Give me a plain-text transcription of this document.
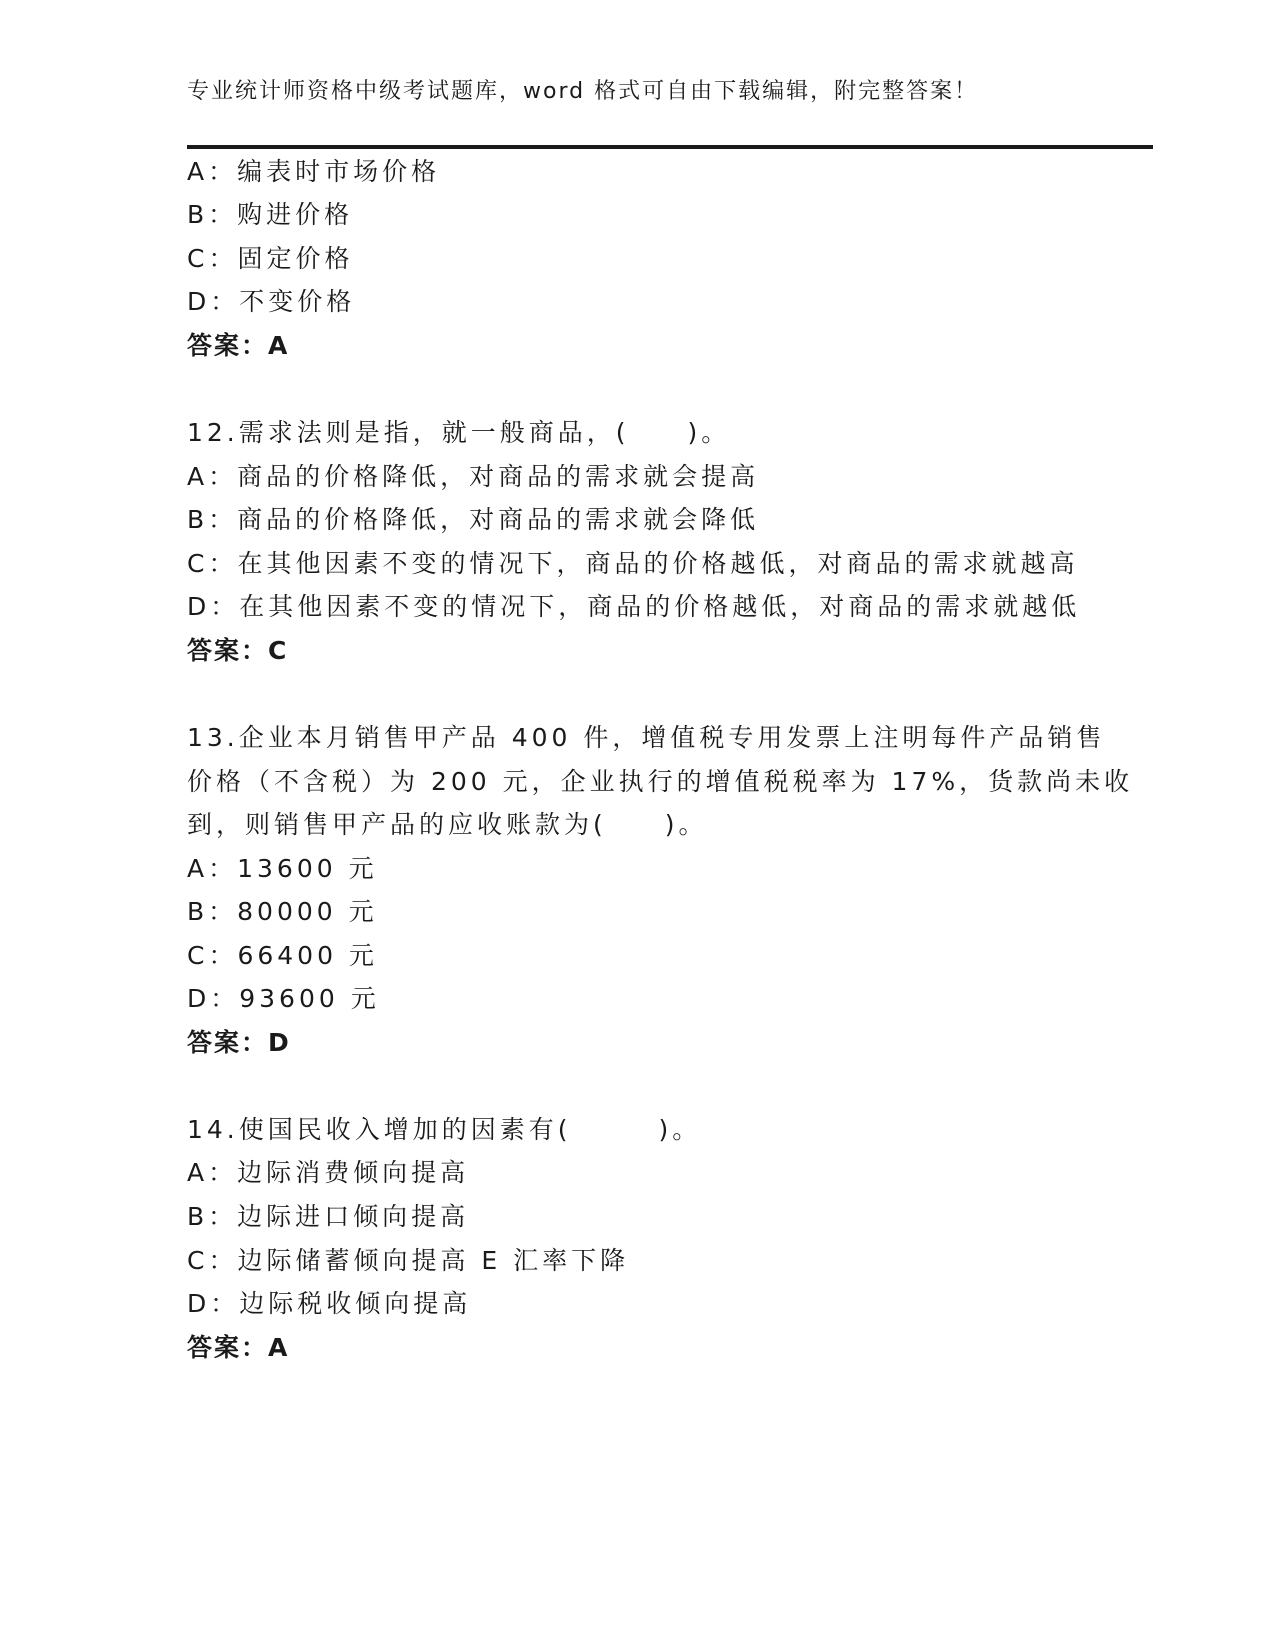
专业统计师资格中级考试题库，word 格式可自由下载编辑，附完整答案！
A：编表时市场价格
B：购进价格
C：固定价格
D：不变价格
答案：A
12.需求法则是指，就一般商品，(　　)。
A：商品的价格降低，对商品的需求就会提高
B：商品的价格降低，对商品的需求就会降低
C：在其他因素不变的情况下，商品的价格越低，对商品的需求就越高
D：在其他因素不变的情况下，商品的价格越低，对商品的需求就越低
答案：C
13.企业本月销售甲产品 400 件，增值税专用发票上注明每件产品销售
价格（不含税）为 200 元，企业执行的增值税税率为 17%，货款尚未收
到，则销售甲产品的应收账款为(　　)。
A：13600 元
B：80000 元
C：66400 元
D：93600 元
答案：D
14.使国民收入增加的因素有(　　　)。
A：边际消费倾向提高
B：边际进口倾向提高
C：边际储蓄倾向提高 E 汇率下降
D：边际税收倾向提高
答案：A
